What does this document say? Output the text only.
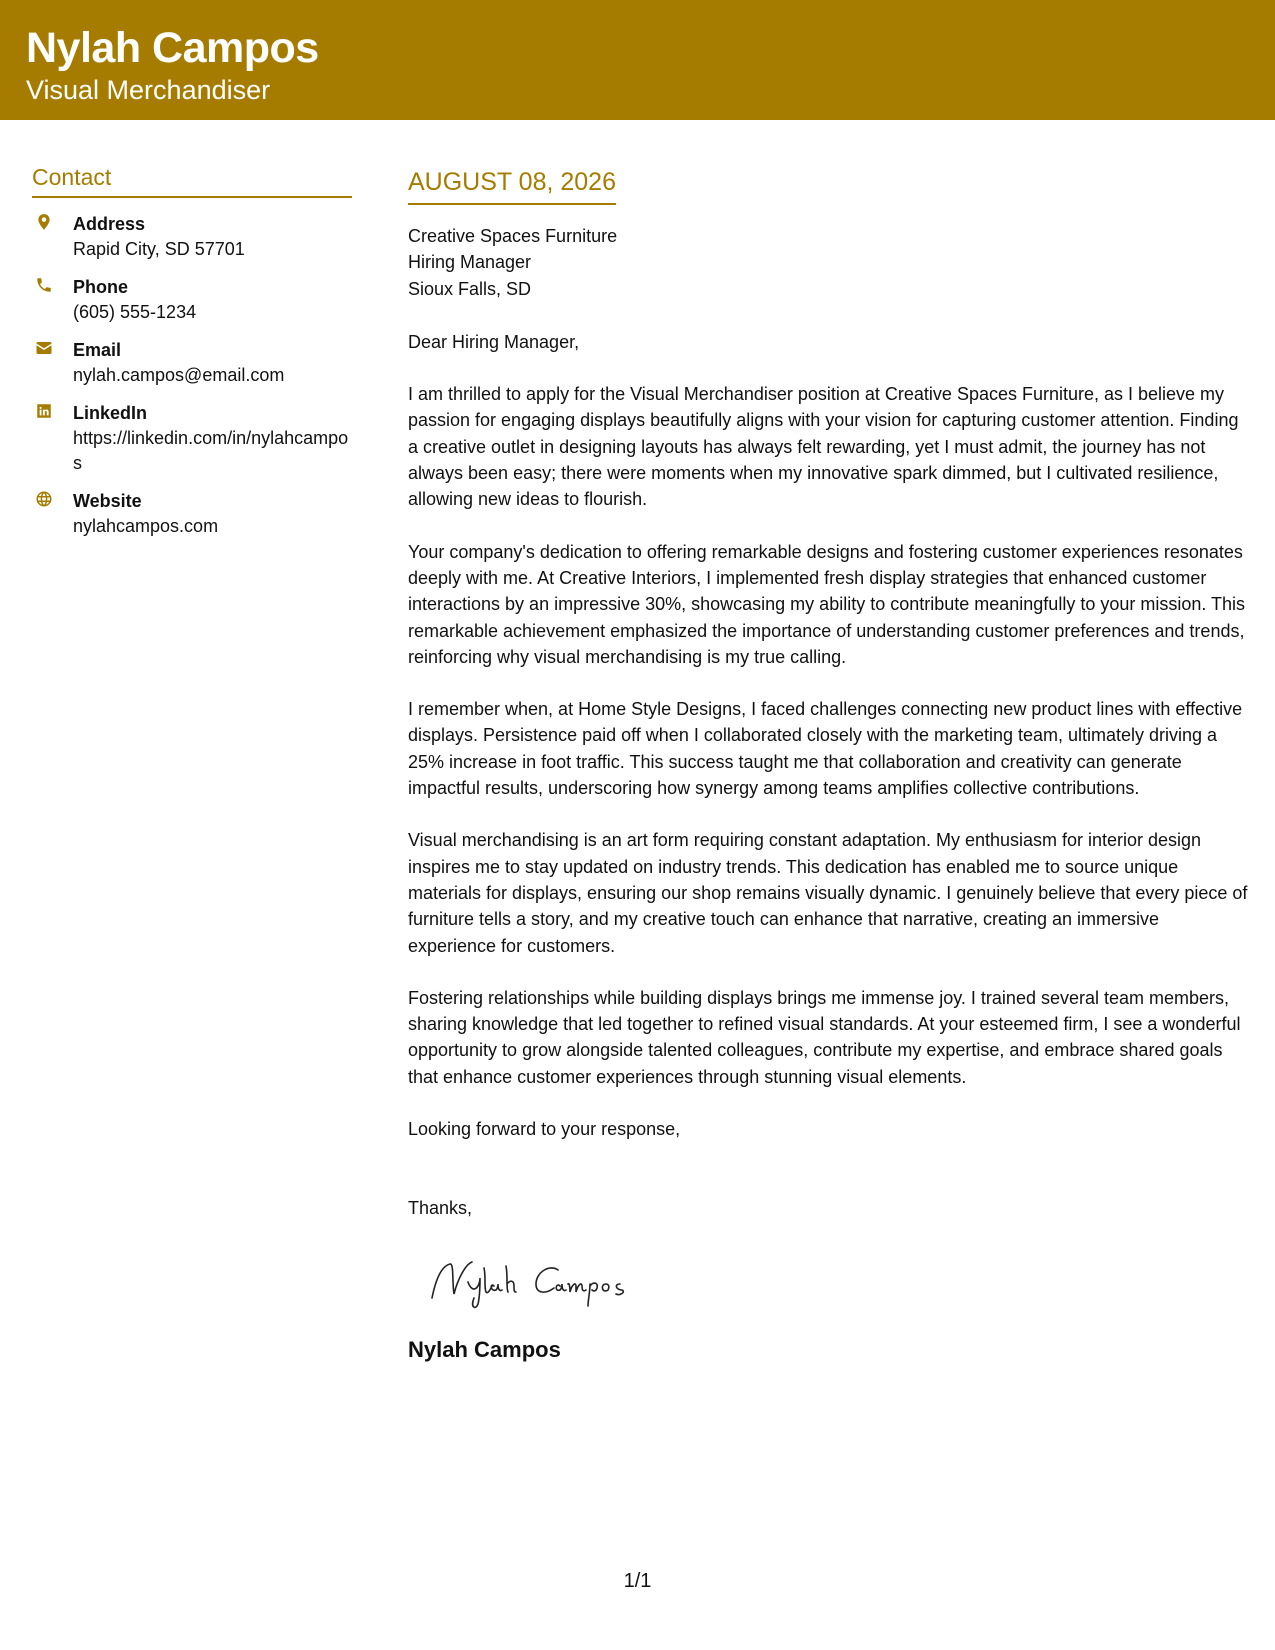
Nylah Campos
Visual Merchandiser
Contact
Address
Rapid City, SD 57701
Phone
(605) 555-1234
Email
nylah.campos@email.com
LinkedIn
https://linkedin.com/in/nylahcampos
Website
nylahcampos.com
AUGUST 08, 2026
Creative Spaces Furniture
Hiring Manager
Sioux Falls, SD
Dear Hiring Manager,

I am thrilled to apply for the Visual Merchandiser position at Creative Spaces Furniture, as I believe my passion for engaging displays beautifully aligns with your vision for capturing customer attention. Finding a creative outlet in designing layouts has always felt rewarding, yet I must admit, the journey has not always been easy; there were moments when my innovative spark dimmed, but I cultivated resilience, allowing new ideas to flourish.

Your company's dedication to offering remarkable designs and fostering customer experiences resonates deeply with me. At Creative Interiors, I implemented fresh display strategies that enhanced customer interactions by an impressive 30%, showcasing my ability to contribute meaningfully to your mission. This remarkable achievement emphasized the importance of understanding customer preferences and trends, reinforcing why visual merchandising is my true calling.

I remember when, at Home Style Designs, I faced challenges connecting new product lines with effective displays. Persistence paid off when I collaborated closely with the marketing team, ultimately driving a 25% increase in foot traffic. This success taught me that collaboration and creativity can generate impactful results, underscoring how synergy among teams amplifies collective contributions.

Visual merchandising is an art form requiring constant adaptation. My enthusiasm for interior design inspires me to stay updated on industry trends. This dedication has enabled me to source unique materials for displays, ensuring our shop remains visually dynamic. I genuinely believe that every piece of furniture tells a story, and my creative touch can enhance that narrative, creating an immersive experience for customers.

Fostering relationships while building displays brings me immense joy. I trained several team members, sharing knowledge that led together to refined visual standards. At your esteemed firm, I see a wonderful opportunity to grow alongside talented colleagues, contribute my expertise, and embrace shared goals that enhance customer experiences through stunning visual elements.

Looking forward to your response,
Thanks,
Nylah Campos
1/1
